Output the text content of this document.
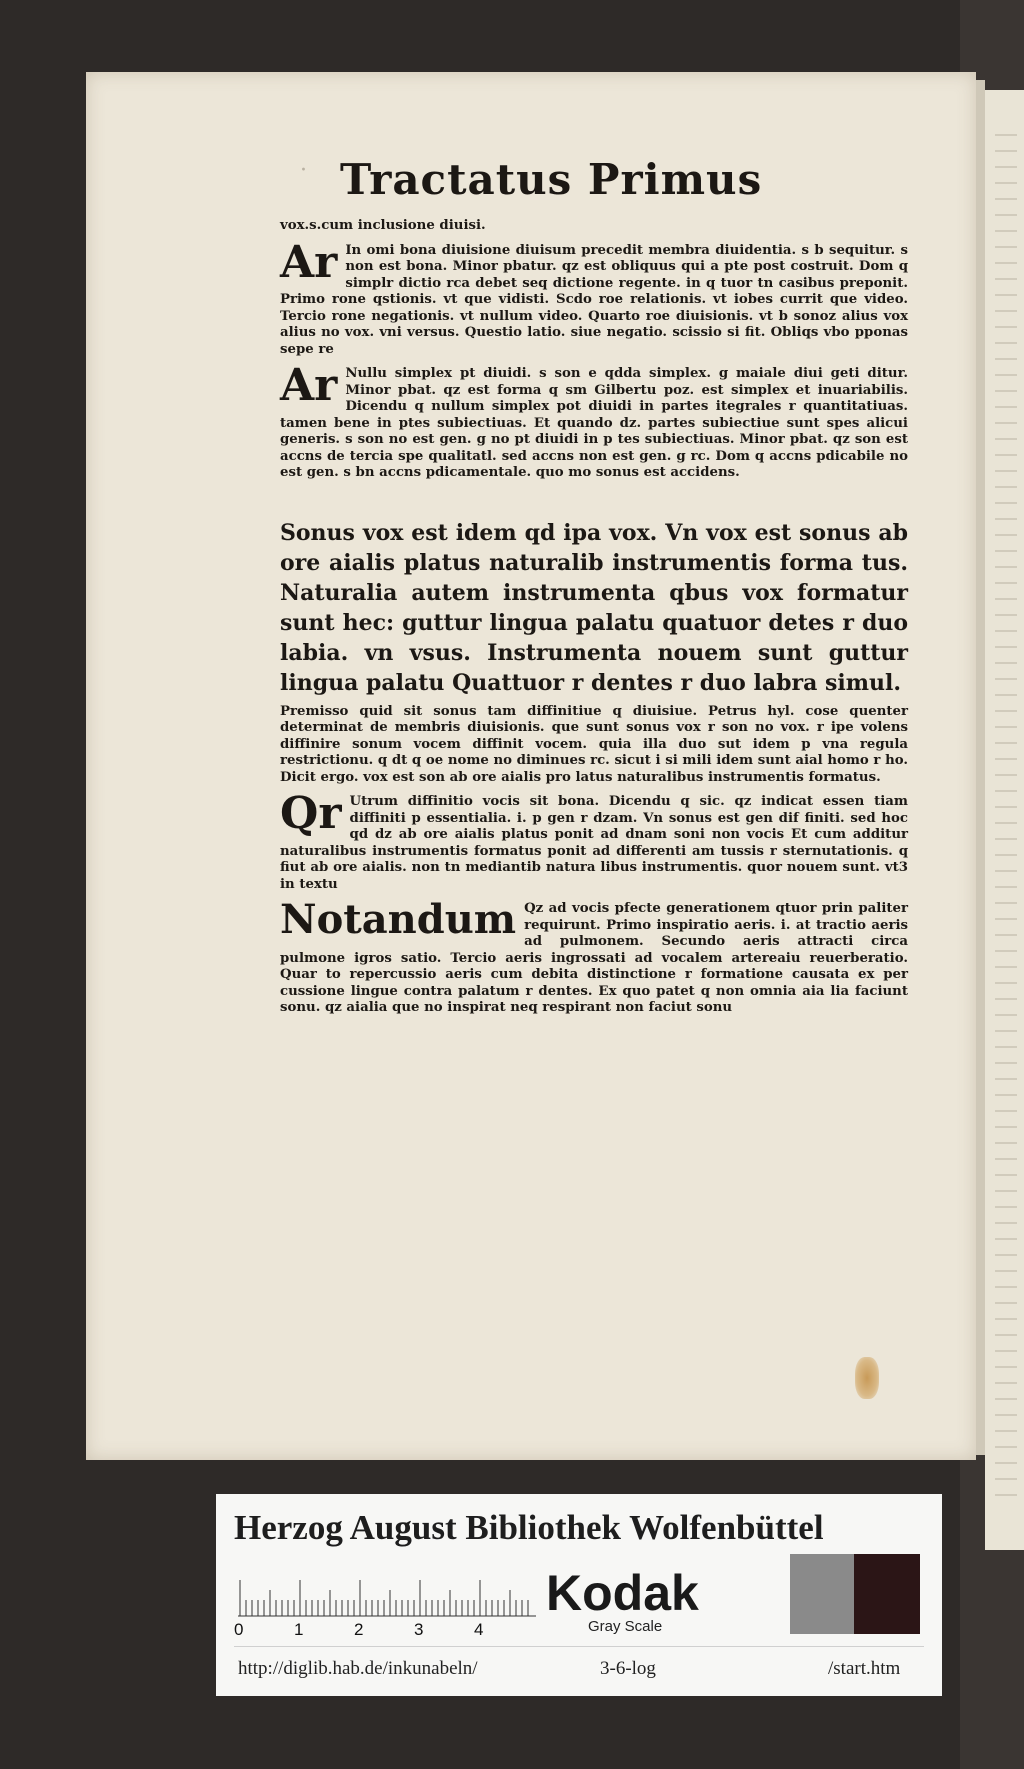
· Tractatus Primus

vox.s.cum inclusione diuisi.

Ar In omi bona diuisione diuisum precedit membra diuidentia. s b sequitur. s non est bona. Minor pbatur. qz est obliquus qui a pte post costruit. Dom q simplr dictio rca debet seq dictione regente. in q tuor tn casibus preponit. Primo rone qstionis. vt que vidisti. Scdo roe relationis. vt iobes currit que video. Tercio rone negationis. vt nullum video. Quarto roe diuisionis. vt b sonoz alius vox alius no vox. vni versus. Questio latio. siue negatio. scissio si fit. Obliqs vbo pponas sepe re

Ar Nullu simplex pt diuidi. s son e qdda simplex. g maiale diui geti ditur. Minor pbat. qz est forma q sm Gilbertu poz. est simplex et inuariabilis. Dicendu q nullum simplex pot diuidi in partes itegrales r quantitatiuas. tamen bene in ptes subiectiuas. Et quando dz. partes subiectiue sunt spes alicui generis. s son no est gen. g no pt diuidi in p tes subiectiuas. Minor pbat. qz son est accns de tercia spe qualitatl. sed accns non est gen. g rc. Dom q accns pdicabile no est gen. s bn accns pdicamentale. quo mo sonus est accidens.

Sonus vox est idem qd ipa vox. Vn vox est sonus ab ore aialis platus naturalib instrumentis forma tus. Naturalia autem instrumenta qbus vox formatur sunt hec: guttur lingua palatu quatuor detes r duo labia. vn vsus. Instrumenta nouem sunt guttur lingua palatu Quattuor r dentes r duo labra simul.

Premisso quid sit sonus tam diffinitiue q diuisiue. Petrus hyl. cose quenter determinat de membris diuisionis. que sunt sonus vox r son no vox. r ipe volens diffinire sonum vocem diffinit vocem. quia illa duo sut idem p vna regula restrictionu. q dt q oe nome no diminues rc. sicut i si mili idem sunt aial homo r ho. Dicit ergo. vox est son ab ore aialis pro latus naturalibus instrumentis formatus.

Qr Utrum diffinitio vocis sit bona. Dicendu q sic. qz indicat essen tiam diffiniti p essentialia. i. p gen r dzam. Vn sonus est gen dif finiti. sed hoc qd dz ab ore aialis platus ponit ad dnam soni non vocis Et cum additur naturalibus instrumentis formatus ponit ad differenti am tussis r sternutationis. q fiut ab ore aialis. non tn mediantib natura libus instrumentis. quor nouem sunt. vt3 in textu

Notandum Qz ad vocis pfecte generationem qtuor prin paliter requirunt. Primo inspiratio aeris. i. at tractio aeris ad pulmonem. Secundo aeris attracti circa pulmone igros satio. Tercio aeris ingrossati ad vocalem artereaiu reuerberatio. Quar to repercussio aeris cum debita distinctione r formatione causata ex per cussione lingue contra palatum r dentes. Ex quo patet q non omnia aia lia faciunt sonu. qz aialia que no inspirat neq respirant non faciut sonu

Herzog August Bibliothek Wolfenbüttel
0	1	2	3	4
Kodak
Gray Scale
http://diglib.hab.de/inkunabeln/	3-6-log	/start.htm
